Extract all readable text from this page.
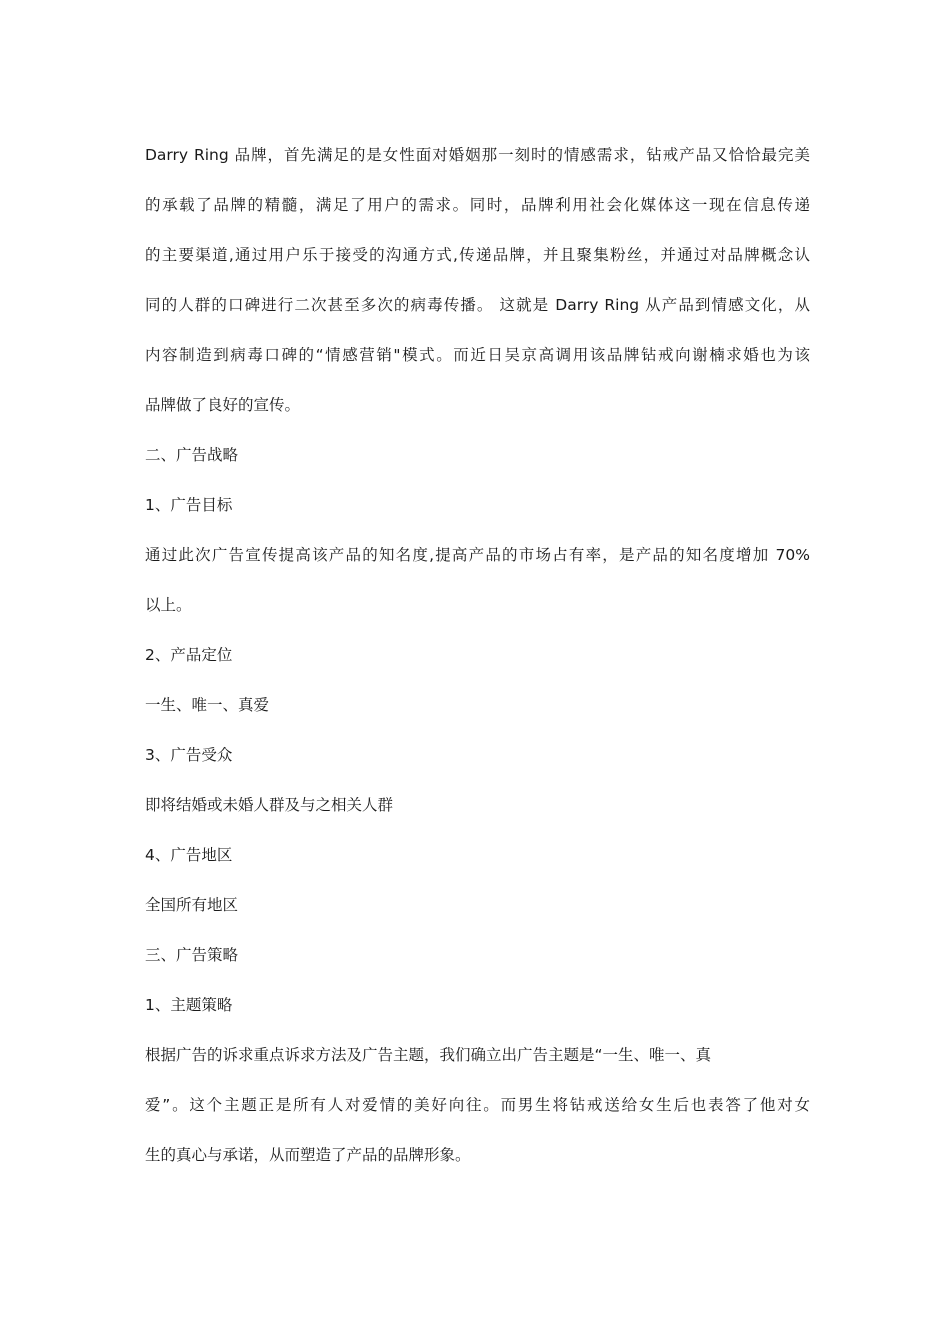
Darry Ring 品牌，首先满足的是女性面对婚姻那一刻时的情感需求，钻戒产品又恰恰最完美
的承载了品牌的精髓，满足了用户的需求。同时，品牌利用社会化媒体这一现在信息传递
的主要渠道,通过用户乐于接受的沟通方式,传递品牌，并且聚集粉丝，并通过对品牌概念认
同的人群的口碑进行二次甚至多次的病毒传播。 这就是 Darry Ring 从产品到情感文化，从
内容制造到病毒口碑的“情感营销"模式。而近日吴京高调用该品牌钻戒向谢楠求婚也为该
品牌做了良好的宣传。
二、广告战略
1、广告目标
通过此次广告宣传提高该产品的知名度,提高产品的市场占有率，是产品的知名度增加 70%
以上。
2、产品定位
一生、唯一、真爱
3、广告受众
即将结婚或未婚人群及与之相关人群
4、广告地区
全国所有地区
三、广告策略
1、主题策略
根据广告的诉求重点诉求方法及广告主题，我们确立出广告主题是“一生、唯一、真
爱”。这个主题正是所有人对爱情的美好向往。而男生将钻戒送给女生后也表答了他对女
生的真心与承诺，从而塑造了产品的品牌形象。
